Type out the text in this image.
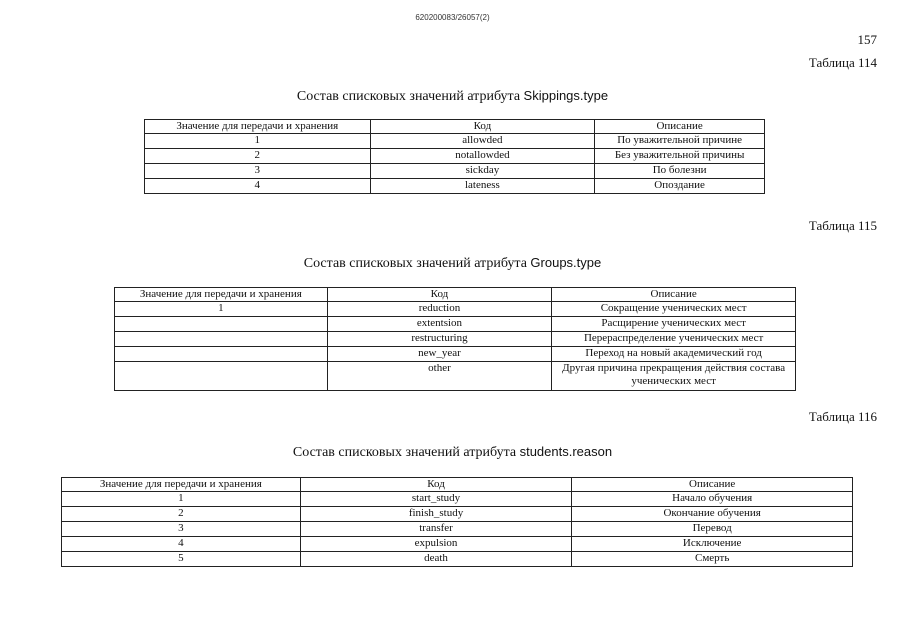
620200083/26057(2)
157
Таблица 114
Состав списковых значений атрибута Skippings.type
Значение для передачи и хранения	Код	Описание
1	allowded	По уважительной причине
2	notallowded	Без уважительной причины
3	sickday	По болезни
4	lateness	Опоздание
Таблица 115
Состав списковых значений атрибута Groups.type
Значение для передачи и хранения	Код	Описание
1	reduction	Сокращение ученических мест
	extentsion	Расщирение ученических мест
	restructuring	Перераспределение ученических мест
	new_year	Переход на новый академический год
	other	Другая причина прекращения действия состава ученических мест
Таблица 116
Состав списковых значений атрибута students.reason
Значение для передачи и хранения	Код	Описание
1	start_study	Начало обучения
2	finish_study	Окончание обучения
3	transfer	Перевод
4	expulsion	Исключение
5	death	Смерть
